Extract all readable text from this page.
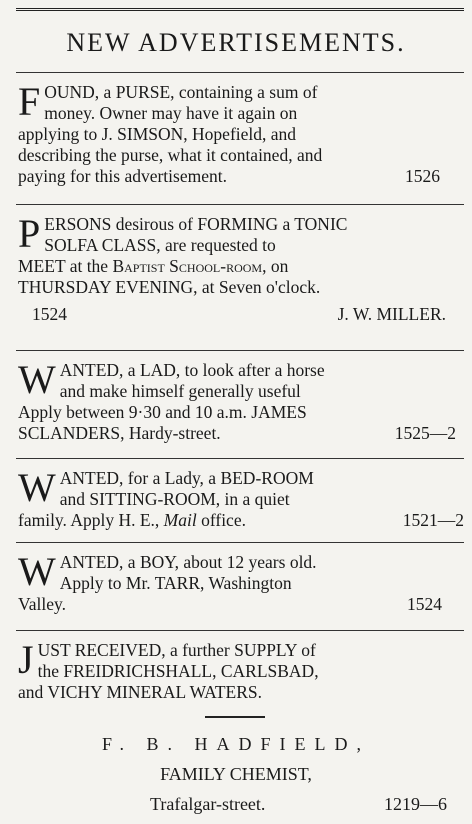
NEW ADVERTISEMENTS.
F OUND, a PURSE, containing a sum of
money. Owner may have it again on
applying to J. SIMSON, Hopefield, and
describing the purse, what it contained, and
paying for this advertisement.	1526
P ERSONS desirous of FORMING a TONIC
SOLFA CLASS, are requested to
MEET at the Baptist School-room, on
THURSDAY EVENING, at Seven o'clock.
1524	J. W. MILLER.
W ANTED, a LAD, to look after a horse
and make himself generally useful
Apply between 9·30 and 10 a.m. JAMES
SCLANDERS, Hardy-street.	1525—2
W ANTED, for a Lady, a BED-ROOM
and SITTING-ROOM, in a quiet
family. Apply H. E., Mail office.	1521—2
W ANTED, a BOY, about 12 years old.
Apply to Mr. TARR, Washington
Valley.	1524
J UST RECEIVED, a further SUPPLY of
the FREIDRICHSHALL, CARLSBAD,
and VICHY MINERAL WATERS.
F. B. HADFIELD,
FAMILY CHEMIST,
Trafalgar-street.	1219—6
